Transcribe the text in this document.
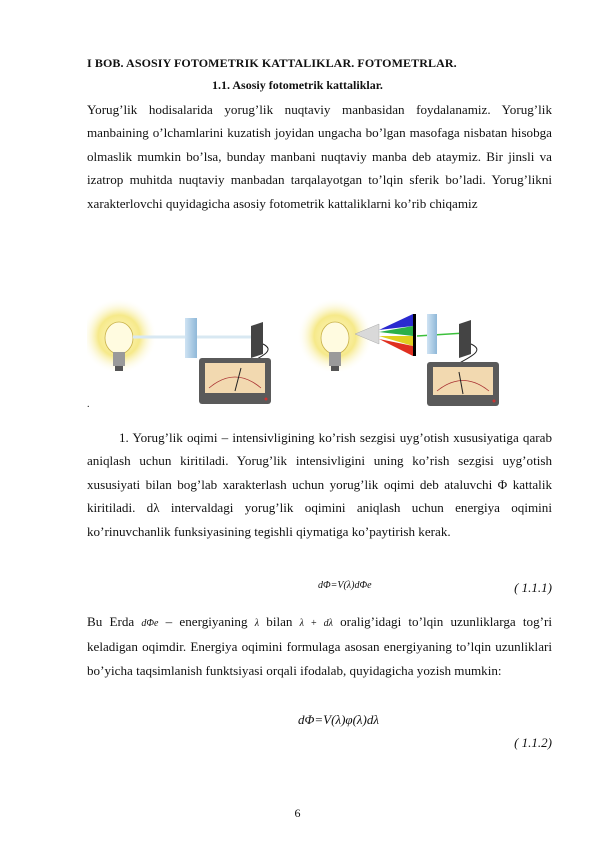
I BOB. ASOSIY FOTOMETRIK KATTALIKLAR. FOTOMETRLAR.
1.1. Asosiy fotometrik kattaliklar.
Yorug’lik hodisalarida yorug’lik nuqtaviy manbasidan foydalanamiz. Yorug’lik manbaining o’lchamlarini kuzatish joyidan ungacha bo’lgan masofaga nisbatan hisobga olmaslik mumkin bo’lsa, bunday manbani nuqtaviy manba deb ataymiz. Bir jinsli va izatrop muhitda nuqtaviy manbadan tarqalayotgan to’lqin sferik bo’ladi. Yorug’likni xarakterlovchi quyidagicha asosiy fotometrik kattaliklarni ko’rib chiqamiz
.
1. Yorug’lik oqimi – intensivligining ko’rish sezgisi uyg’otish xususiyatiga qarab aniqlash uchun kiritiladi. Yorug’lik intensivligini uning ko’rish sezgisi uyg’otish xususiyati bilan bog’lab xarakterlash uchun yorug’lik oqimi deb ataluvchi Φ kattalik kiritiladi. dλ intervaldagi yorug’lik oqimini aniqlash uchun energiya oqimini ko’rinuvchanlik funksiyasining tegishli qiymatiga ko’paytirish kerak.
dΦ=V(λ)dΦe	( 1.1.1)
Bu Erda dΦe – energiyaning λ bilan λ + dλ oralig’idagi to’lqin uzunliklarga tog’ri keladigan oqimdir. Energiya oqimini formulaga asosan energiyaning to’lqin uzunliklari bo’yicha taqsimlanish funktsiyasi orqali ifodalab, quyidagicha yozish mumkin:
dΦ=V(λ)φ(λ)dλ
( 1.1.2)
6
